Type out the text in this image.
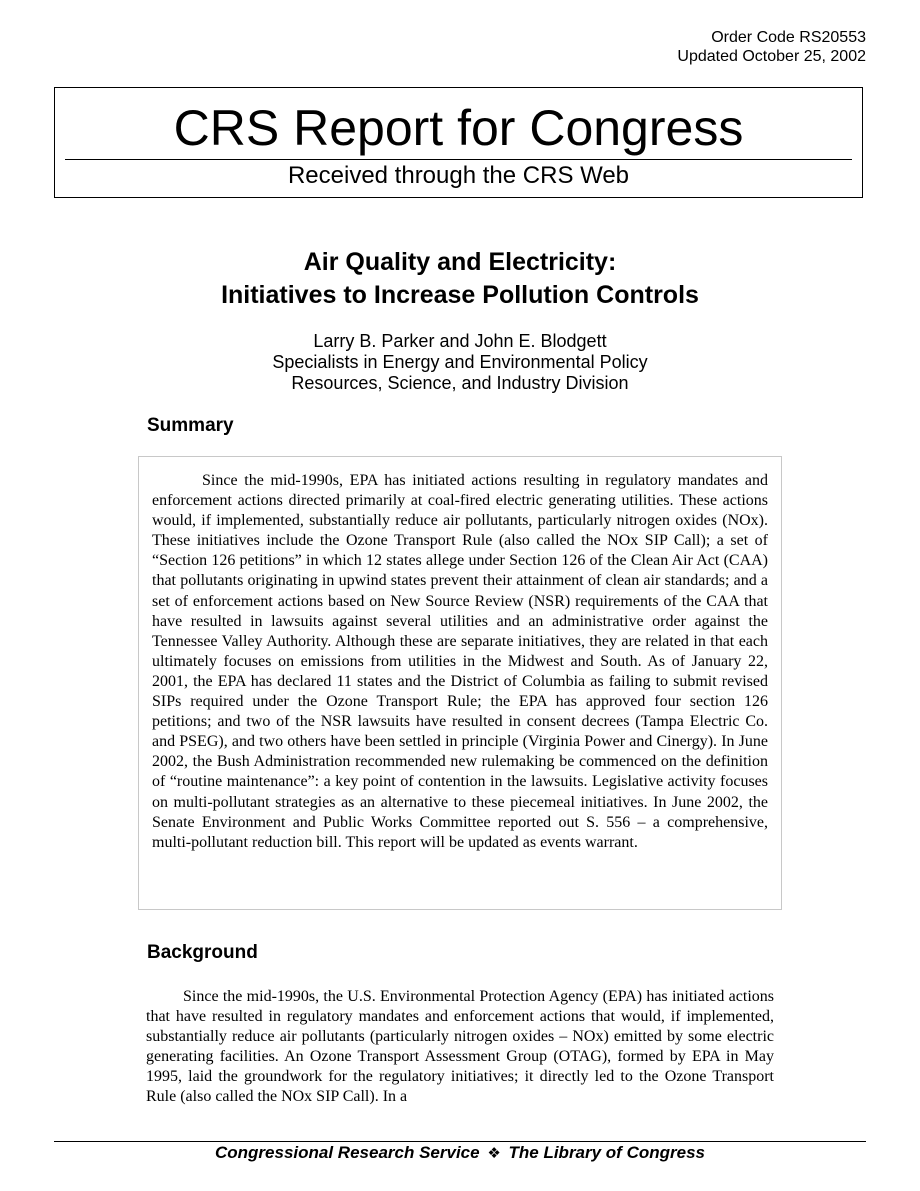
Order Code RS20553
Updated October 25, 2002
CRS Report for Congress
Received through the CRS Web
Air Quality and Electricity:
Initiatives to Increase Pollution Controls
Larry B. Parker and John E. Blodgett
Specialists in Energy and Environmental Policy
Resources, Science, and Industry Division
Summary

Since the mid-1990s, EPA has initiated actions resulting in regulatory mandates and enforcement actions directed primarily at coal-fired electric generating utilities. These actions would, if implemented, substantially reduce air pollutants, particularly nitrogen oxides (NOx). These initiatives include the Ozone Transport Rule (also called the NOx SIP Call); a set of “Section 126 petitions” in which 12 states allege under Section 126 of the Clean Air Act (CAA) that pollutants originating in upwind states prevent their attainment of clean air standards; and a set of enforcement actions based on New Source Review (NSR) requirements of the CAA that have resulted in lawsuits against several utilities and an administrative order against the Tennessee Valley Authority. Although these are separate initiatives, they are related in that each ultimately focuses on emissions from utilities in the Midwest and South. As of January 22, 2001, the EPA has declared 11 states and the District of Columbia as failing to submit revised SIPs required under the Ozone Transport Rule; the EPA has approved four section 126 petitions; and two of the NSR lawsuits have resulted in consent decrees (Tampa Electric Co. and PSEG), and two others have been settled in principle (Virginia Power and Cinergy). In June 2002, the Bush Administration recommended new rulemaking be commenced on the definition of “routine maintenance”: a key point of contention in the lawsuits. Legislative activity focuses on multi-pollutant strategies as an alternative to these piecemeal initiatives. In June 2002, the Senate Environment and Public Works Committee reported out S. 556 – a comprehensive, multi-pollutant reduction bill. This report will be updated as events warrant.

Background

Since the mid-1990s, the U.S. Environmental Protection Agency (EPA) has initiated actions that have resulted in regulatory mandates and enforcement actions that would, if implemented, substantially reduce air pollutants (particularly nitrogen oxides – NOx) emitted by some electric generating facilities. An Ozone Transport Assessment Group (OTAG), formed by EPA in May 1995, laid the groundwork for the regulatory initiatives; it directly led to the Ozone Transport Rule (also called the NOx SIP Call). In a

Congressional Research Service ❖ The Library of Congress
